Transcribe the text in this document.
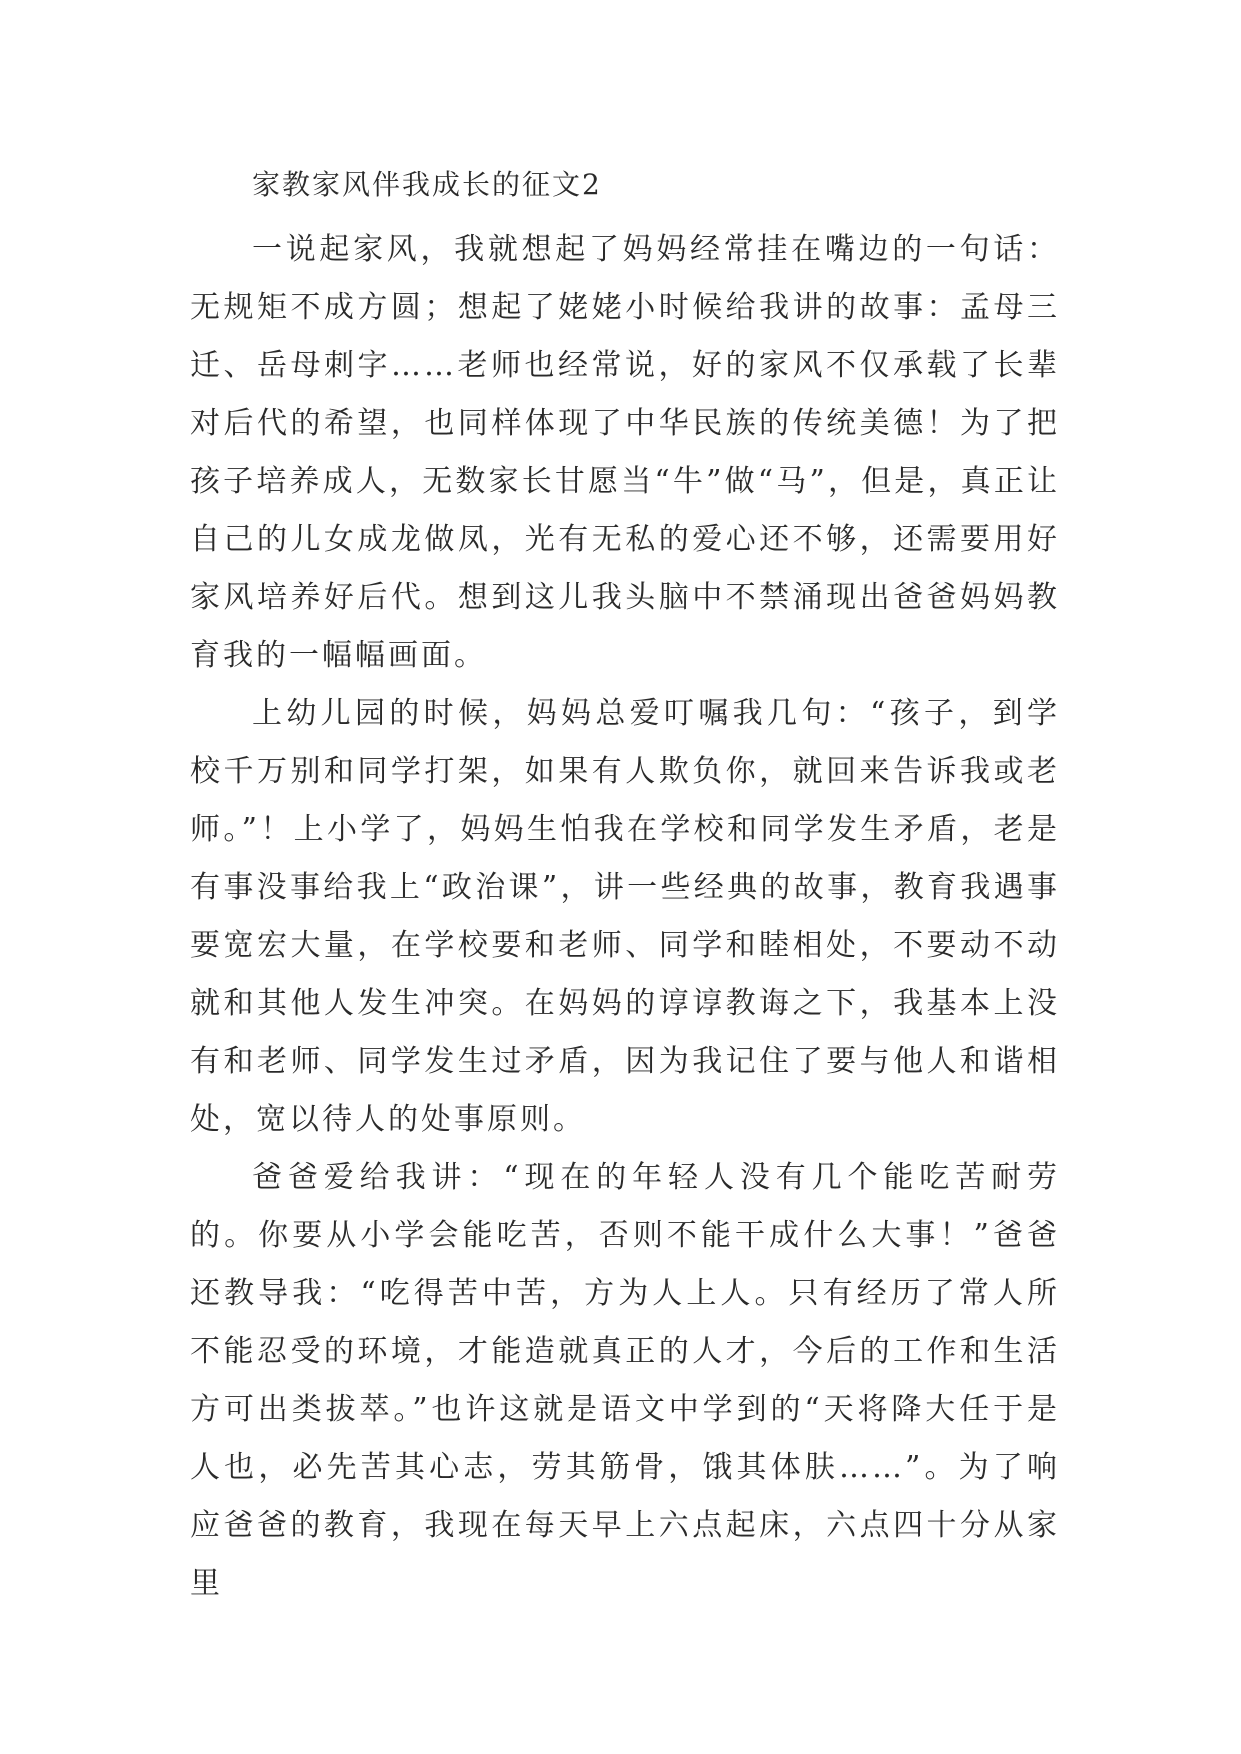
家教家风伴我成长的征文2

一说起家风，我就想起了妈妈经常挂在嘴边的一句话：无规矩不成方圆；想起了姥姥小时候给我讲的故事：孟母三迁、岳母刺字……老师也经常说，好的家风不仅承载了长辈对后代的希望，也同样体现了中华民族的传统美德！为了把孩子培养成人，无数家长甘愿当“牛”做“马”，但是，真正让自己的儿女成龙做凤，光有无私的爱心还不够，还需要用好家风培养好后代。想到这儿我头脑中不禁涌现出爸爸妈妈教育我的一幅幅画面。

上幼儿园的时候，妈妈总爱叮嘱我几句：“孩子，到学校千万别和同学打架，如果有人欺负你，就回来告诉我或老师。”！上小学了，妈妈生怕我在学校和同学发生矛盾，老是有事没事给我上“政治课”，讲一些经典的故事，教育我遇事要宽宏大量，在学校要和老师、同学和睦相处，不要动不动就和其他人发生冲突。在妈妈的谆谆教诲之下，我基本上没有和老师、同学发生过矛盾，因为我记住了要与他人和谐相处，宽以待人的处事原则。

爸爸爱给我讲：“现在的年轻人没有几个能吃苦耐劳的。你要从小学会能吃苦，否则不能干成什么大事！”爸爸还教导我：“吃得苦中苦，方为人上人。只有经历了常人所不能忍受的环境，才能造就真正的人才，今后的工作和生活方可出类拔萃。”也许这就是语文中学到的“天将降大任于是人也，必先苦其心志，劳其筋骨，饿其体肤……”。为了响应爸爸的教育，我现在每天早上六点起床，六点四十分从家里
